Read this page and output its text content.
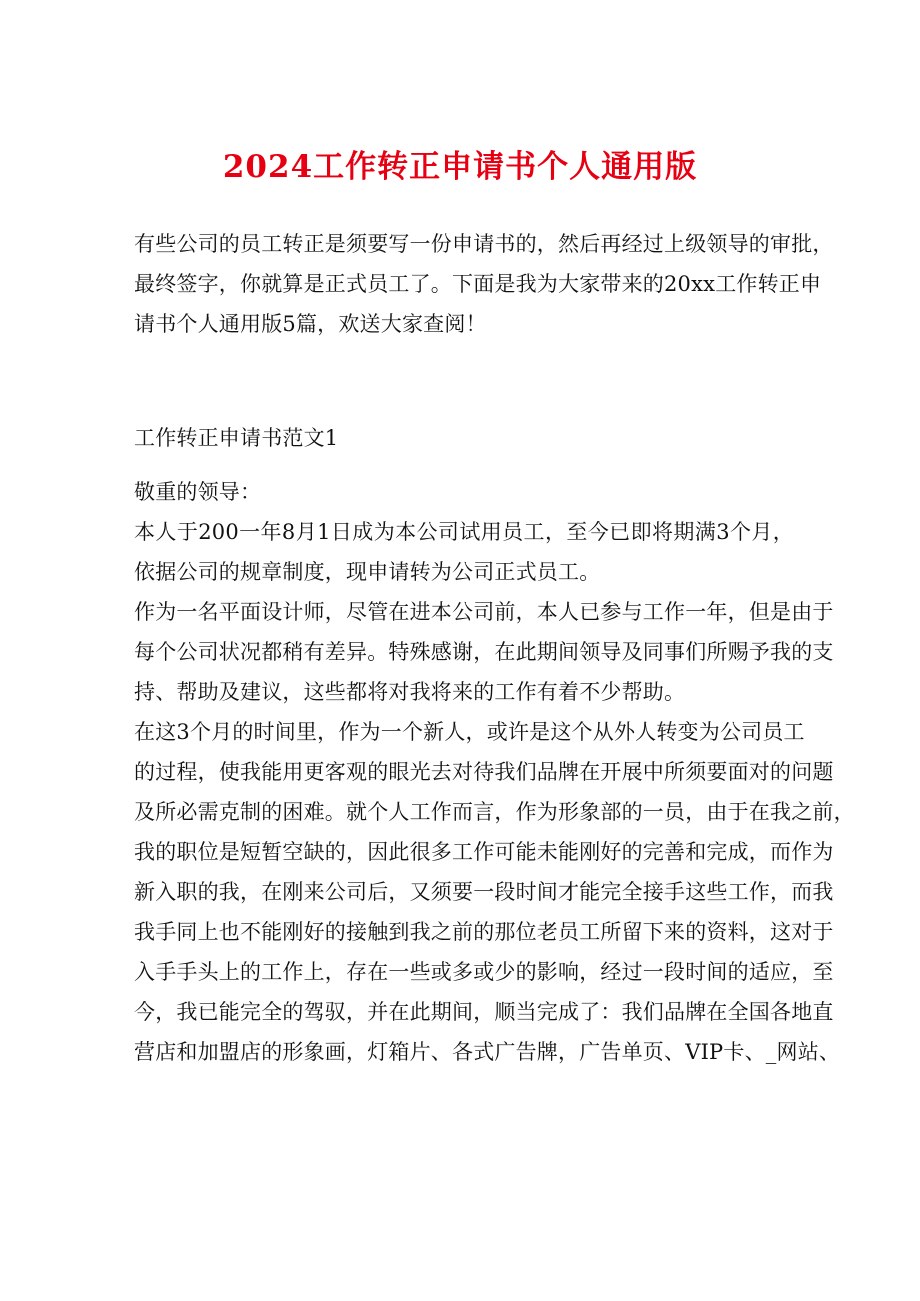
2024工作转正申请书个人通用版

有些公司的员工转正是须要写一份申请书的，然后再经过上级领导的审批，
最终签字，你就算是正式员工了。下面是我为大家带来的20xx工作转正申
请书个人通用版5篇，欢送大家查阅！

工作转正申请书范文1
敬重的领导：

本人于200一年8月1日成为本公司试用员工，至今已即将期满3个月，
依据公司的规章制度，现申请转为公司正式员工。

作为一名平面设计师，尽管在进本公司前，本人已参与工作一年，但是由于
每个公司状况都稍有差异。特殊感谢，在此期间领导及同事们所赐予我的支
持、帮助及建议，这些都将对我将来的工作有着不少帮助。

在这3个月的时间里，作为一个新人，或许是这个从外人转变为公司员工
的过程，使我能用更客观的眼光去对待我们品牌在开展中所须要面对的问题
及所必需克制的困难。就个人工作而言，作为形象部的一员，由于在我之前，
我的职位是短暂空缺的，因此很多工作可能未能刚好的完善和完成，而作为
新入职的我，在刚来公司后，又须要一段时间才能完全接手这些工作，而我
我手同上也不能刚好的接触到我之前的那位老员工所留下来的资料，这对于
入手手头上的工作上，存在一些或多或少的影响，经过一段时间的适应，至
今，我已能完全的驾驭，并在此期间，顺当完成了：我们品牌在全国各地直
营店和加盟店的形象画，灯箱片、各式广告牌，广告单页、VIP卡、_网站、
